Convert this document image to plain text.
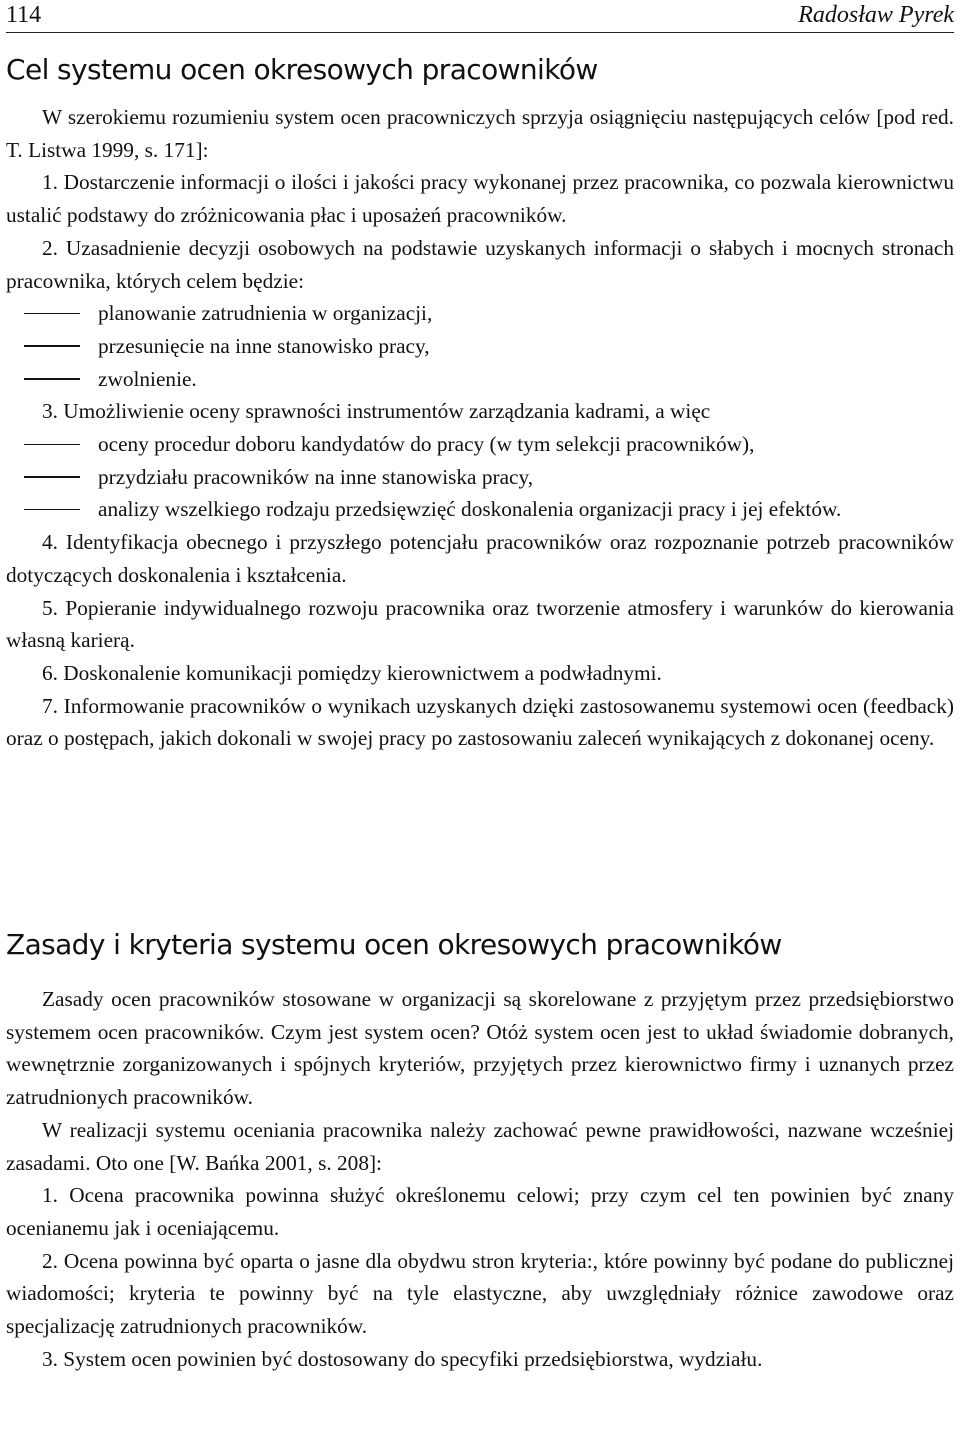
114	Radosław Pyrek
Cel systemu ocen okresowych pracowników

W szerokiemu rozumieniu system ocen pracowniczych sprzyja osiągnięciu następujących celów [pod red. T. Listwa 1999, s. 171]:

1. Dostarczenie informacji o ilości i jakości pracy wykonanej przez pracownika, co pozwala kierownictwu ustalić podstawy do zróżnicowania płac i uposażeń pracowników.

2. Uzasadnienie decyzji osobowych na podstawie uzyskanych informacji o słabych i mocnych stronach pracownika, których celem będzie:

planowanie zatrudnienia w organizacji,

przesunięcie na inne stanowisko pracy,

zwolnienie.

3. Umożliwienie oceny sprawności instrumentów zarządzania kadrami, a więc

oceny procedur doboru kandydatów do pracy (w tym selekcji pracowników),

przydziału pracowników na inne stanowiska pracy,

analizy wszelkiego rodzaju przedsięwzięć doskonalenia organizacji pracy i jej efektów.

4. Identyfikacja obecnego i przyszłego potencjału pracowników oraz rozpoznanie potrzeb pracowników dotyczących doskonalenia i kształcenia.

5. Popieranie indywidualnego rozwoju pracownika oraz tworzenie atmosfery i warunków do kierowania własną karierą.

6. Doskonalenie komunikacji pomiędzy kierownictwem a podwładnymi.

7. Informowanie pracowników o wynikach uzyskanych dzięki zastosowanemu systemowi ocen (feedback) oraz o postępach, jakich dokonali w swojej pracy po zastosowaniu zaleceń wynikających z dokonanej oceny.

Zasady i kryteria systemu ocen okresowych pracowników

Zasady ocen pracowników stosowane w organizacji są skorelowane z przyjętym przez przedsiębiorstwo systemem ocen pracowników. Czym jest system ocen? Otóż system ocen jest to układ świadomie dobranych, wewnętrznie zorganizowanych i spójnych kryteriów, przyjętych przez kierownictwo firmy i uznanych przez zatrudnionych pracowników.

W realizacji systemu oceniania pracownika należy zachować pewne prawidłowości, nazwane wcześniej zasadami. Oto one [W. Bańka 2001, s. 208]:

1. Ocena pracownika powinna służyć określonemu celowi; przy czym cel ten powinien być znany ocenianemu jak i oceniającemu.

2. Ocena powinna być oparta o jasne dla obydwu stron kryteria:, które powinny być podane do publicznej wiadomości; kryteria te powinny być na tyle elastyczne, aby uwzględniały różnice zawodowe oraz specjalizację zatrudnionych pracowników.

3. System ocen powinien być dostosowany do specyfiki przedsiębiorstwa, wydziału.
